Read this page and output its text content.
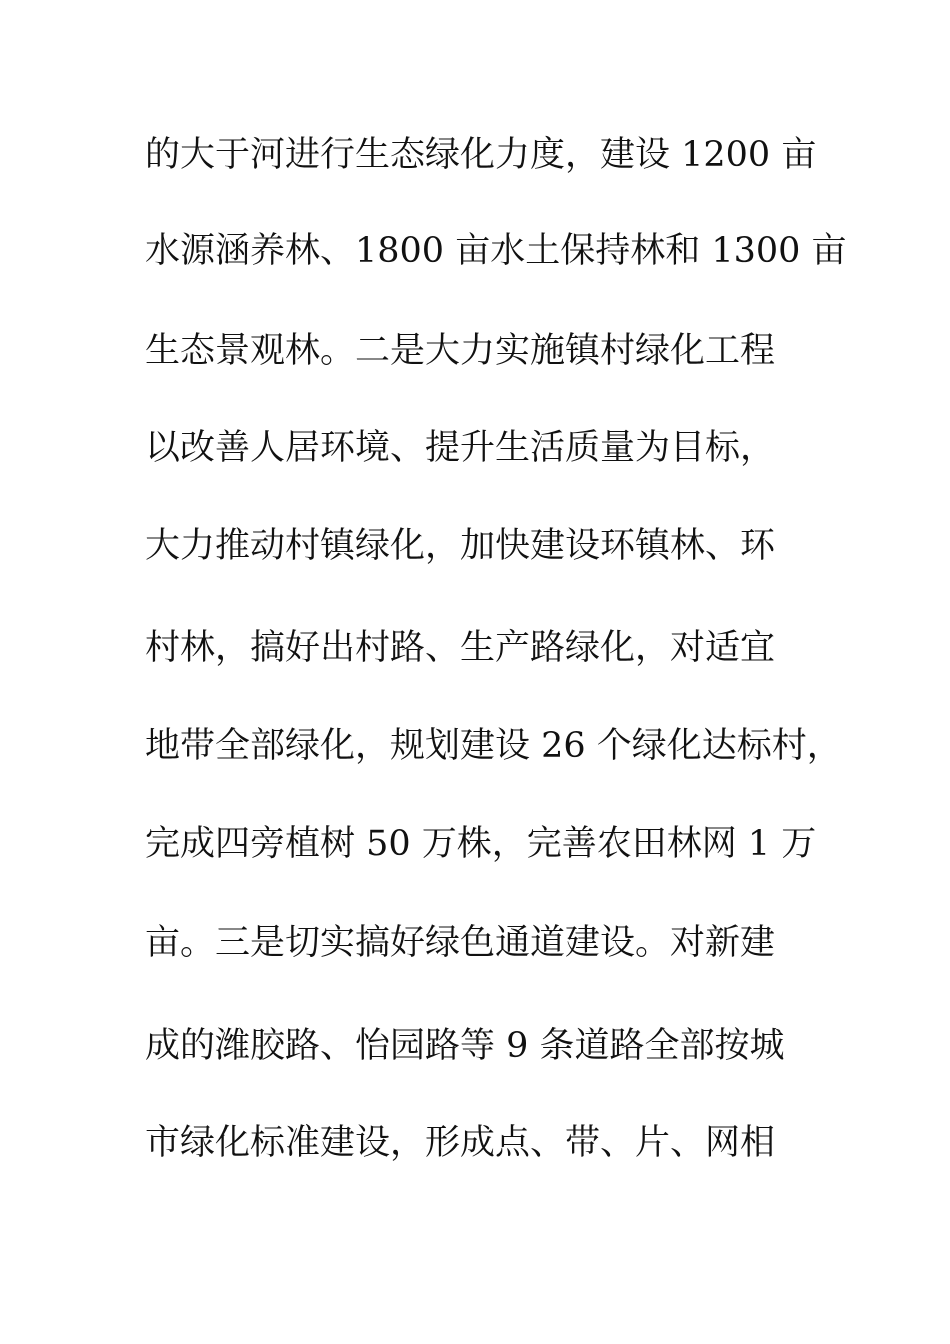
的大于河进行生态绿化力度，建设 1200 亩
水源涵养林、1800 亩水土保持林和 1300 亩
生态景观林。二是大力实施镇村绿化工程
以改善人居环境、提升生活质量为目标，
大力推动村镇绿化，加快建设环镇林、环
村林，搞好出村路、生产路绿化，对适宜
地带全部绿化，规划建设 26 个绿化达标村，
完成四旁植树 50 万株，完善农田林网 1 万
亩。三是切实搞好绿色通道建设。对新建
成的潍胶路、怡园路等 9 条道路全部按城
市绿化标准建设，形成点、带、片、网相
